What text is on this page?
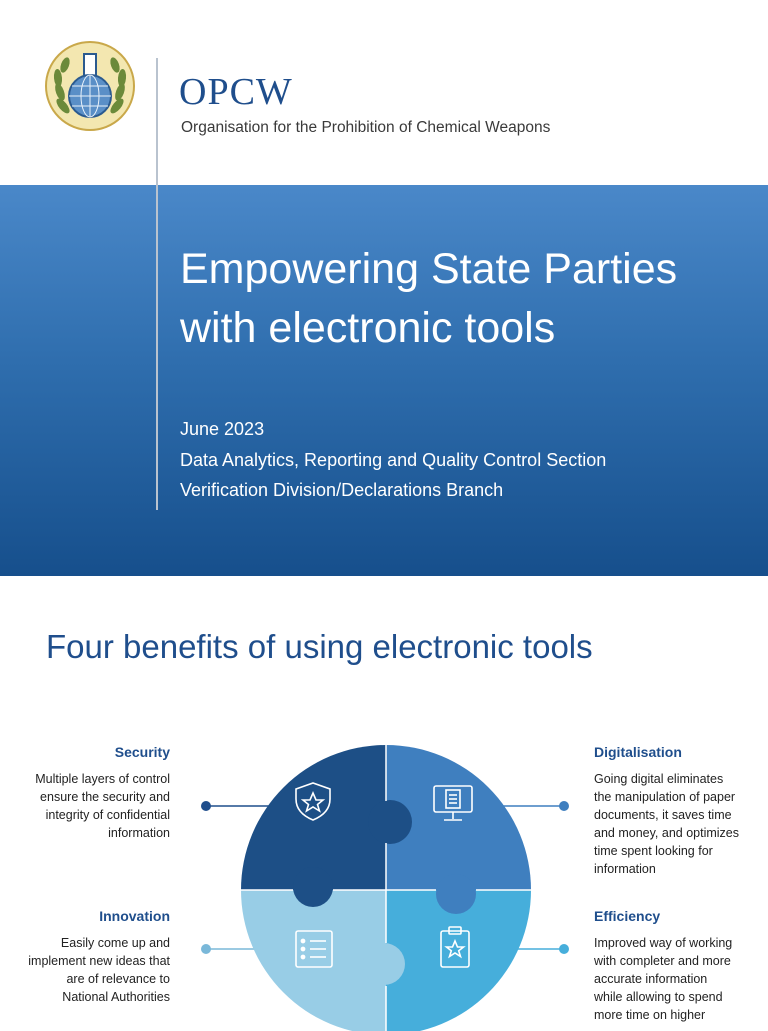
OPCW
Organisation for the Prohibition of Chemical Weapons
Empowering State Parties
with electronic tools
June 2023
Data Analytics, Reporting and Quality Control Section
Verification Division/Declarations Branch
Four benefits of using electronic tools
Security
Multiple layers of control
ensure the security and
integrity of confidential
information
Innovation
Easily come up and
implement new ideas that
are of relevance to
National Authorities
Digitalisation
Going digital eliminates
the manipulation of paper
documents, it saves time
and money, and optimizes
time spent looking for
information
Efficiency
Improved way of working
with completer and more
accurate information
while allowing to spend
more time on higher
